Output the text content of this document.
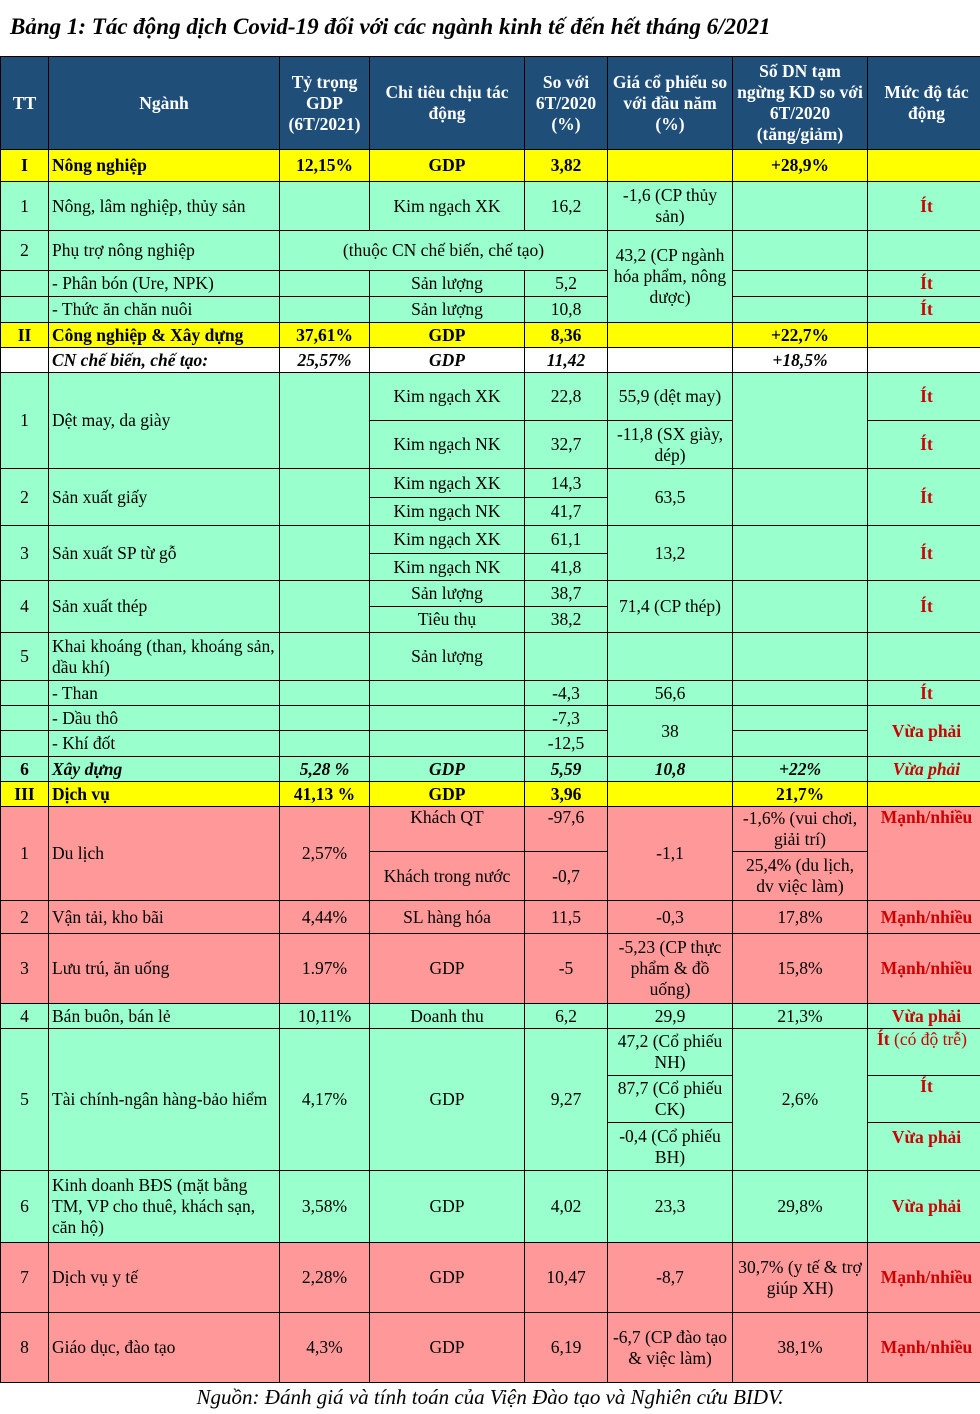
Bảng 1: Tác động dịch Covid-19 đối với các ngành kinh tế đến hết tháng 6/2021
TT	Ngành	Tỷ trọng GDP (6T/2021)	Chỉ tiêu chịu tác động	So với 6T/2020 (%)	Giá cổ phiếu so với đầu năm (%)	Số DN tạm ngừng KD so với 6T/2020 (tăng/giảm)	Mức độ tác động
I	Nông nghiệp	12,15%	GDP	3,82		+28,9%	
1	Nông, lâm nghiệp, thủy sản		Kim ngạch XK	16,2	-1,6 (CP thủy sản)		Ít
2	Phụ trợ nông nghiệp	(thuộc CN chế biến, chế tạo)			43,2 (CP ngành hóa phẩm, nông dược)		
	- Phân bón (Ure, NPK)		Sản lượng	5,2			Ít
	- Thức ăn chăn nuôi		Sản lượng	10,8			Ít
II	Công nghiệp & Xây dựng	37,61%	GDP	8,36		+22,7%	
	CN chế biến, chế tạo:	25,57%	GDP	11,42		+18,5%	
1	Dệt may, da giày		Kim ngạch XK	22,8	55,9 (dệt may)		Ít
			Kim ngạch NK	32,7	-11,8 (SX giày, dép)		Ít
2	Sản xuất giấy		Kim ngạch XK	14,3	63,5		Ít
			Kim ngạch NK	41,7			
3	Sản xuất SP từ gỗ		Kim ngạch XK	61,1	13,2		Ít
			Kim ngạch NK	41,8			
4	Sản xuất thép		Sản lượng	38,7	71,4 (CP thép)		Ít
			Tiêu thụ	38,2			
5	Khai khoáng (than, khoáng sản, dầu khí)		Sản lượng				
	- Than			-4,3	56,6		Ít
	- Dầu thô			-7,3	38		Vừa phải
	- Khí đốt			-12,5			
6	Xây dựng	5,28 %	GDP	5,59	10,8	+22%	Vừa phải
III	Dịch vụ	41,13 %	GDP	3,96		21,7%	
1	Du lịch	2,57%	Khách QT	-97,6	-1,1	-1,6% (vui chơi, giải trí)	Mạnh/nhiều
			Khách trong nước	-0,7		25,4% (du lịch, dv việc làm)	
2	Vận tải, kho bãi	4,44%	SL hàng hóa	11,5	-0,3	17,8%	Mạnh/nhiều
3	Lưu trú, ăn uống	1.97%	GDP	-5	-5,23 (CP thực phẩm & đồ uống)	15,8%	Mạnh/nhiều
4	Bán buôn, bán lẻ	10,11%	Doanh thu	6,2	29,9	21,3%	Vừa phải
5	Tài chính-ngân hàng-bảo hiểm	4,17%	GDP	9,27	47,2 (Cổ phiếu NH)	2,6%	Ít (có độ trễ)
					87,7 (Cổ phiếu CK)		Ít
					-0,4 (Cổ phiếu BH)		Vừa phải
6	Kinh doanh BĐS (mặt bằng TM, VP cho thuê, khách sạn, căn hộ)	3,58%	GDP	4,02	23,3	29,8%	Vừa phải
7	Dịch vụ y tế	2,28%	GDP	10,47	-8,7	30,7% (y tế & trợ giúp XH)	Mạnh/nhiều
8	Giáo dục, đào tạo	4,3%	GDP	6,19	-6,7 (CP đào tạo & việc làm)	38,1%	Mạnh/nhiều
Nguồn: Đánh giá và tính toán của Viện Đào tạo và Nghiên cứu BIDV.
